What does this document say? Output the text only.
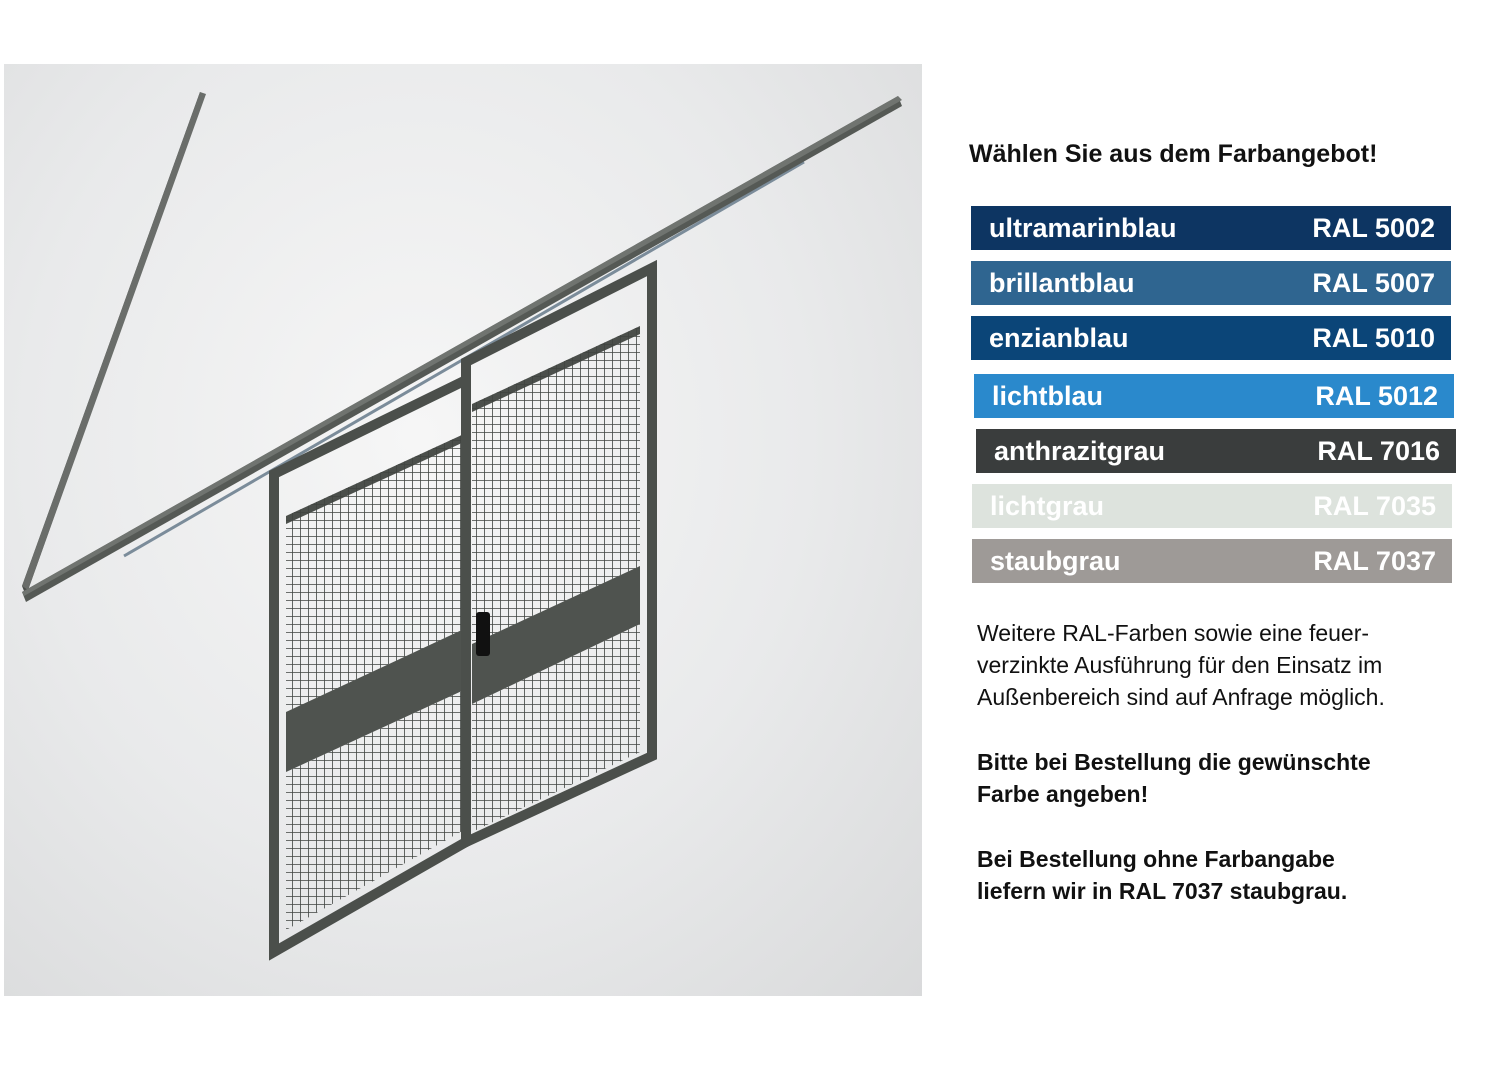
Wählen Sie aus dem Farbangebot!
ultramarinblau	RAL 5002
brillantblau	RAL 5007
enzianblau	RAL 5010
lichtblau	RAL 5012
anthrazitgrau	RAL 7016
lichtgrau	RAL 7035
staubgrau	RAL 7037

Weitere RAL-Farben sowie eine feuer-
verzinkte Ausführung für den Einsatz im
Außenbereich sind auf Anfrage möglich.

Bitte bei Bestellung die gewünschte
Farbe angeben!

Bei Bestellung ohne Farbangabe
liefern wir in RAL 7037 staubgrau.
